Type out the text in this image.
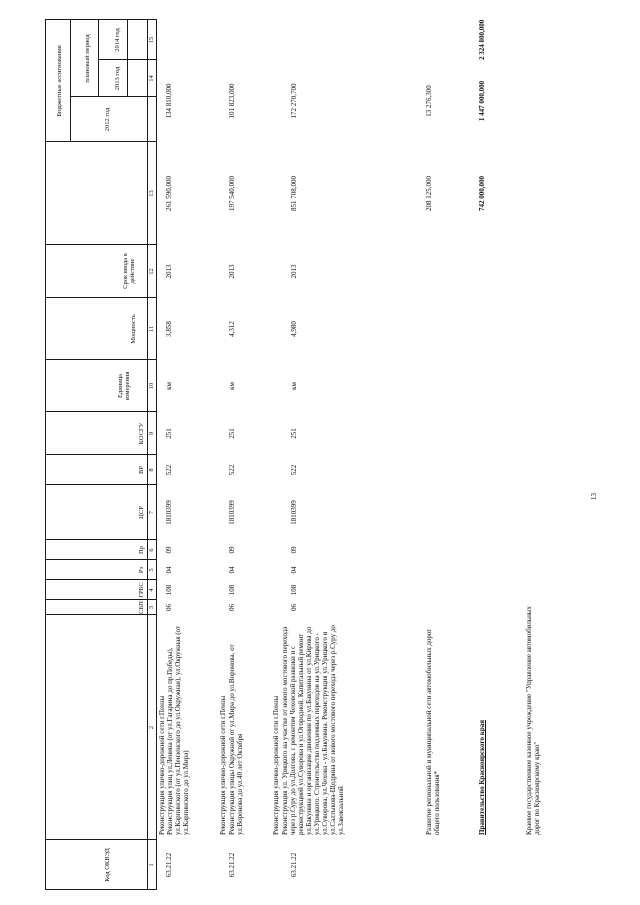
Код ОКВЭД
СБП
ГРБС
Рз
Пр
ЦСР
ВР
КОСГУ
Единица измерения
Мощность
Срок ввода в действие
Бюджетные ассигнования	плановый период
2012 год
2013 год
2014 год
1
2
3
4
5
6
7
8
9
10
11
12
13
14
15
63.21.22
Реконструкция улично-дорожной сети г.Пензы Реконструкция улиц ул.Ленина (от ул.Гагарина до пр.Победы), ул.Карпинского (от ул.Пензенского до ул.Окружная), ул.Окружная (от ул.Карпинского до ул.Мира)
06
108
04
09
1810399
522
251
км
3,858
2013
261 590,000
134 810,000
63.21.22
Реконструкция улично-дорожной сети г.Пензы Реконструкция улицы Окружной от ул.Мира до ул.Воронова, от ул.Воронова до ул.40 лет Октября
06
108
04
09
1810399
522
251
км
4,312
2013
197 540,000
101 823,000
63.21.22
Реконструкция улично-дорожной сети г.Пензы Реконструкция ул. Урицкого на участке от нового мостового перехода через р.Суру до ул.Долгова, с ремонтом Чеховской развязки и с реконструкцией ул.Суворова и ул.Огородной. Капитальный ремонт ул.Бакунина и организация движения по ул.Бакунина от ул.Кирова до ул.Урицкого. Строительство подземных переходов на ул.Урицкого - ул.Суворова, ул.Чехова - ул.Бакунина. Реконструкция ул.Урицкого и ул.Салтыкова-Щедрина от нового мостового перехода через р.Суру до ул.Завокзальной
06
108
04
09
1810399
522
251
км
4,980
2013
851 708,000
172 270,700
Развитие региональной и муниципальной сети автомобильных дорог общего пользования*
208 125,000
13 276,300
Правительство Красноярского края
742 000,000
1 447 000,000
2 324 800,000
Краевое государственное казенное учреждение "Управление автомобильных дорог по Красноярскому краю"
13
